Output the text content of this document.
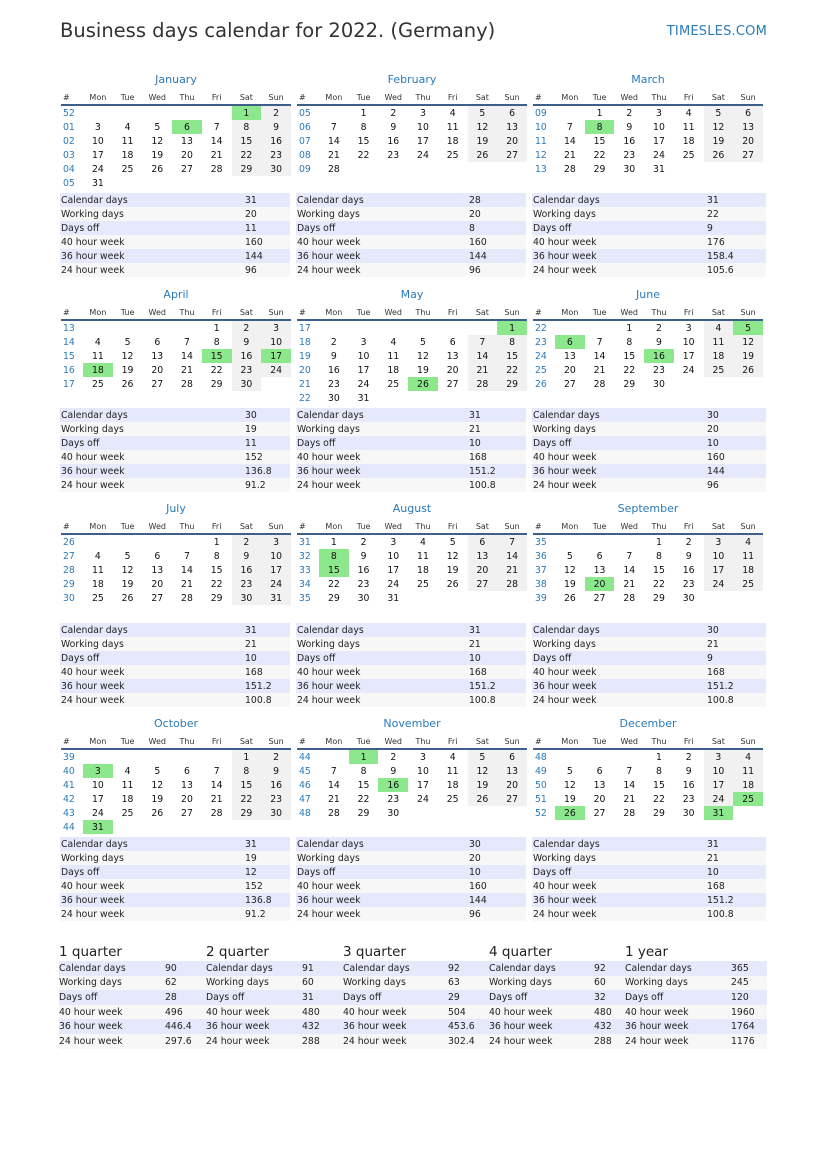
Business days calendar for 2022. (Germany)	TIMESLES.COM
January
#	Mon	Tue	Wed	Thu	Fri	Sat	Sun
52						1	2
01	3	4	5	6	7	8	9
02	10	11	12	13	14	15	16
03	17	18	19	20	21	22	23
04	24	25	26	27	28	29	30
05	31						
February
#	Mon	Tue	Wed	Thu	Fri	Sat	Sun
05		1	2	3	4	5	6
06	7	8	9	10	11	12	13
07	14	15	16	17	18	19	20
08	21	22	23	24	25	26	27
09	28						
March
#	Mon	Tue	Wed	Thu	Fri	Sat	Sun
09		1	2	3	4	5	6
10	7	8	9	10	11	12	13
11	14	15	16	17	18	19	20
12	21	22	23	24	25	26	27
13	28	29	30	31			
April
#	Mon	Tue	Wed	Thu	Fri	Sat	Sun
13					1	2	3
14	4	5	6	7	8	9	10
15	11	12	13	14	15	16	17
16	18	19	20	21	22	23	24
17	25	26	27	28	29	30	
May
#	Mon	Tue	Wed	Thu	Fri	Sat	Sun
17							1
18	2	3	4	5	6	7	8
19	9	10	11	12	13	14	15
20	16	17	18	19	20	21	22
21	23	24	25	26	27	28	29
22	30	31					
June
#	Mon	Tue	Wed	Thu	Fri	Sat	Sun
22			1	2	3	4	5
23	6	7	8	9	10	11	12
24	13	14	15	16	17	18	19
25	20	21	22	23	24	25	26
26	27	28	29	30			
July
#	Mon	Tue	Wed	Thu	Fri	Sat	Sun
26					1	2	3
27	4	5	6	7	8	9	10
28	11	12	13	14	15	16	17
29	18	19	20	21	22	23	24
30	25	26	27	28	29	30	31
August
#	Mon	Tue	Wed	Thu	Fri	Sat	Sun
31	1	2	3	4	5	6	7
32	8	9	10	11	12	13	14
33	15	16	17	18	19	20	21
34	22	23	24	25	26	27	28
35	29	30	31				
September
#	Mon	Tue	Wed	Thu	Fri	Sat	Sun
35				1	2	3	4
36	5	6	7	8	9	10	11
37	12	13	14	15	16	17	18
38	19	20	21	22	23	24	25
39	26	27	28	29	30		
October
#	Mon	Tue	Wed	Thu	Fri	Sat	Sun
39						1	2
40	3	4	5	6	7	8	9
41	10	11	12	13	14	15	16
42	17	18	19	20	21	22	23
43	24	25	26	27	28	29	30
44	31						
November
#	Mon	Tue	Wed	Thu	Fri	Sat	Sun
44		1	2	3	4	5	6
45	7	8	9	10	11	12	13
46	14	15	16	17	18	19	20
47	21	22	23	24	25	26	27
48	28	29	30				
December
#	Mon	Tue	Wed	Thu	Fri	Sat	Sun
48				1	2	3	4
49	5	6	7	8	9	10	11
50	12	13	14	15	16	17	18
51	19	20	21	22	23	24	25
52	26	27	28	29	30	31	
Calendar days	31		Calendar days	28		Calendar days	31
Working days	20		Working days	20		Working days	22
Days off	11		Days off	8		Days off	9
40 hour week	160		40 hour week	160		40 hour week	176
36 hour week	144		36 hour week	144		36 hour week	158.4
24 hour week	96		24 hour week	96		24 hour week	105.6
Calendar days	30		Calendar days	31		Calendar days	30
Working days	19		Working days	21		Working days	20
Days off	11		Days off	10		Days off	10
40 hour week	152		40 hour week	168		40 hour week	160
36 hour week	136.8		36 hour week	151.2		36 hour week	144
24 hour week	91.2		24 hour week	100.8		24 hour week	96
Calendar days	31		Calendar days	31		Calendar days	30
Working days	21		Working days	21		Working days	21
Days off	10		Days off	10		Days off	9
40 hour week	168		40 hour week	168		40 hour week	168
36 hour week	151.2		36 hour week	151.2		36 hour week	151.2
24 hour week	100.8		24 hour week	100.8		24 hour week	100.8
Calendar days	31		Calendar days	30		Calendar days	31
Working days	19		Working days	20		Working days	21
Days off	12		Days off	10		Days off	10
40 hour week	152		40 hour week	160		40 hour week	168
36 hour week	136.8		36 hour week	144		36 hour week	151.2
24 hour week	91.2		24 hour week	96		24 hour week	100.8
1 quarter	2 quarter	3 quarter	4 quarter	1 year
Calendar days	90	Calendar days	91	Calendar days	92	Calendar days	92	Calendar days	365
Working days	62	Working days	60	Working days	63	Working days	60	Working days	245
Days off	28	Days off	31	Days off	29	Days off	32	Days off	120
40 hour week	496	40 hour week	480	40 hour week	504	40 hour week	480	40 hour week	1960
36 hour week	446.4	36 hour week	432	36 hour week	453.6	36 hour week	432	36 hour week	1764
24 hour week	297.6	24 hour week	288	24 hour week	302.4	24 hour week	288	24 hour week	1176
